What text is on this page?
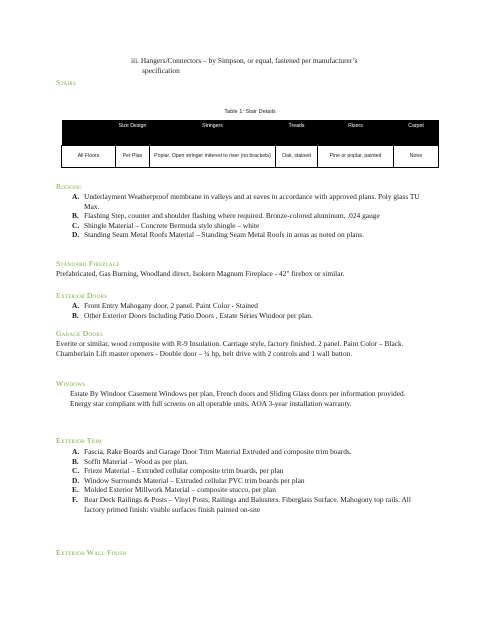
iii. Hangers/Connectors – by Simpson, or equal, fastened per manufacturer’s
specification
Stairs
Table 1: Stair Details
	Size Design	Stringers	Treads	Risers	Carpet
All Floors	Per Plan	Poplar. Open stringer mitered to riser (no brackets)	Oak, stained	Pine or poplar, painted	None
Roofing
A. Underlayment Weatherproof membrane in valleys and at eaves in accordance with approved plans. Poly glass TU Max.
B. Flashing Step, counter and shoulder flashing where required. Bronze-colored aluminum, .024 gauge
C. Shingle Material – Concrete Bermuda style shingle – white
D. Standing Seam Metal Roofs Material – Standing Seam Metal Roofs in areas as noted on plans.
Standard Fireplace
Prefabricated, Gas Burning, Woodland direct, Isokern Magnum Fireplace - 42" firebox or similar.
Exterior Doors
A. Front Entry Mahogany door, 2 panel. Paint Color - Stained
B. Other Exterior Doors Including Patio Doors , Estate Series Windoor per plan.
Garage Doors
Everite or similar, wood composite with R-9 Insulation. Carriage style, factory finished. 2 panel. Paint Color – Black. Chamberlain Lift master openers - Double door – ¾ hp, belt drive with 2 controls and 1 wall button.
Windows
Estate By Windoor Casement Windows per plan, French doors and Sliding Glass doors per information provided. Energy star compliant with full screens on all operable units. AOA 3-year installation warranty.
Exterior Trim
A. Fascia, Rake Boards and Garage Door Trim Material Extruded and composite trim boards.
B. Soffit Material – Wood as per plan.
C. Frieze Material – Extruded cellular composite trim boards, per plan
D. Window Surrounds Material – Extruded cellular PVC trim boards per plan
E. Molded Exterior Millwork Material – composite stucco, per plan
F. Rear Deck Railings & Posts – Vinyl Posts, Railings and Balusters. Fiberglass Surface. Mahogony top rails. All factory primed finish: visible surfaces finish painted on-site
Exterior Wall Finish
